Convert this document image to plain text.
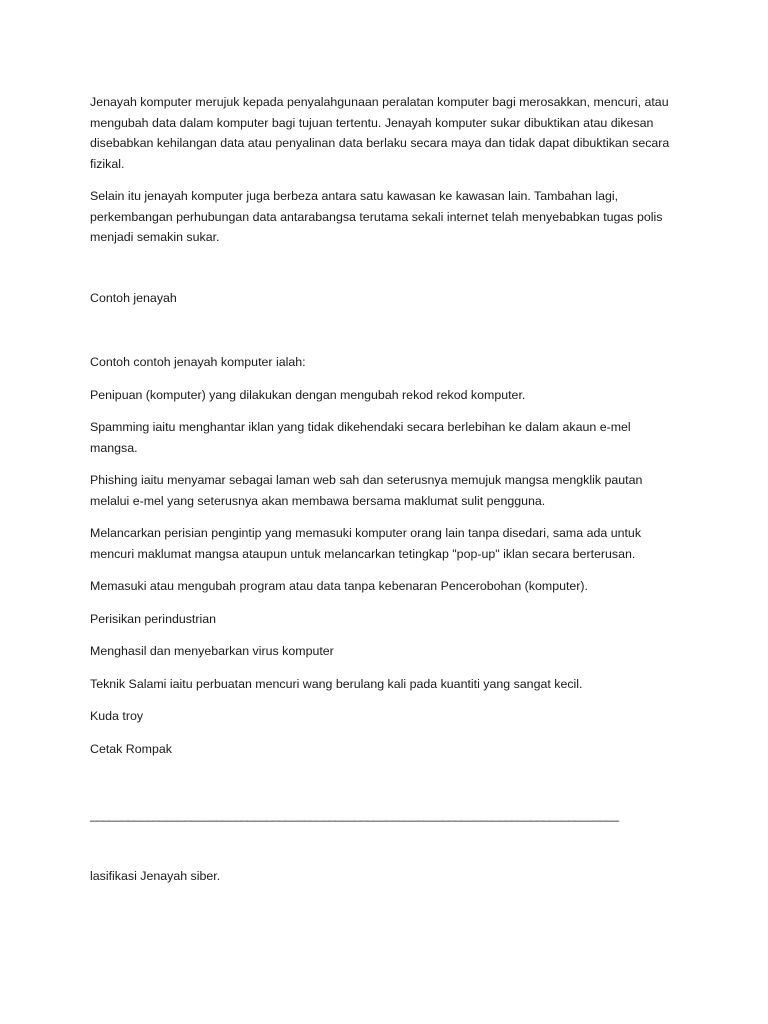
Jenayah komputer merujuk kepada penyalahgunaan peralatan komputer bagi merosakkan, mencuri, atau mengubah data dalam komputer bagi tujuan tertentu. Jenayah komputer sukar dibuktikan atau dikesan disebabkan kehilangan data atau penyalinan data berlaku secara maya dan tidak dapat dibuktikan secara fizikal.

Selain itu jenayah komputer juga berbeza antara satu kawasan ke kawasan lain. Tambahan lagi, perkembangan perhubungan data antarabangsa terutama sekali internet telah menyebabkan tugas polis menjadi semakin sukar.

Contoh jenayah

Contoh contoh jenayah komputer ialah:

Penipuan (komputer) yang dilakukan dengan mengubah rekod rekod komputer.

Spamming iaitu menghantar iklan yang tidak dikehendaki secara berlebihan ke dalam akaun e-mel mangsa.

Phishing iaitu menyamar sebagai laman web sah dan seterusnya memujuk mangsa mengklik pautan melalui e-mel yang seterusnya akan membawa bersama maklumat sulit pengguna.

Melancarkan perisian pengintip yang memasuki komputer orang lain tanpa disedari, sama ada untuk mencuri maklumat mangsa ataupun untuk melancarkan tetingkap "pop-up" iklan secara berterusan.

Memasuki atau mengubah program atau data tanpa kebenaran Pencerobohan (komputer).

Perisikan perindustrian

Menghasil dan menyebarkan virus komputer

Teknik Salami iaitu perbuatan mencuri wang berulang kali pada kuantiti yang sangat kecil.

Kuda troy

Cetak Rompak

____________________________________________________________________________________

lasifikasi Jenayah siber.
